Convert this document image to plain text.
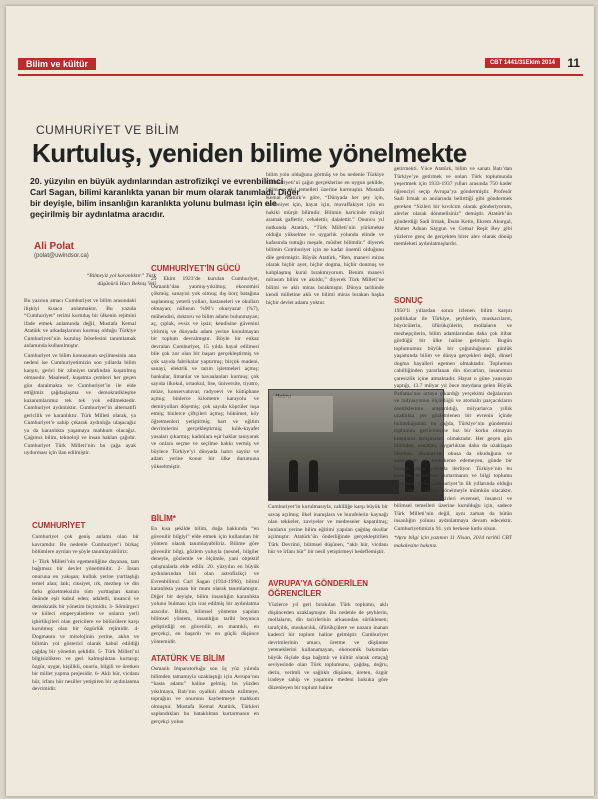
Bilim ve kültür	CBT 1441/31Ekim 2014	11
CUMHURİYET VE BİLİM
Kurtuluş, yeniden bilime yönelmekte
20. yüzyılın en büyük aydınlarından astrofizikçi ve evrenbilimci Carl Sagan, bilimi karanlıkta yanan bir mum olarak tanımladı. Diğer bir deyişle, bilim insanlığın karanlıkta yolunu bulması için ele geçirilmiş bir aydınlatma aracıdır.
Ali Polat
(polat@uwindsor.ca)
“Bilmeyiz yol karanlıktır” Türk düşünürü Hacı Bektaş Veli

Bu yazının amacı Cumhuriyet ve bilim arasındaki ilişkiyi kısaca anlatmaktır. Bu yazıda “Cumhuriyet” terimi kurtuluş bir ülkenin rejimini ifade etmek anlamında değil, Mustafa Kemal Atatürk ve arkadaşlarının kurmuş olduğu Türkiye Cumhuriyeti’nin kuruluş felsefesini tanımlamak anlamında kullanılmıştır.

Cumhuriyet ve bilim konusunun seçilmesinin ana nedeni ise Cumhuriyetimizin son yıllarda bilim karşıtı, gerici bir zihniyet tarafından kuşatılmış olmasıdır. Maalesef, kuşatma çemberi her geçen gün daralmakta ve Cumhuriyet’in ile elde ettiğimiz çağdaşlaşma ve demokratikleşme kazanımlarımız tek tek yok edilmektedir. Cumhuriyet aydınlıktır. Cumhuriyet’in alternatifi gericilik ve karanlıktır. Türk Milleti olarak, ya Cumhuriyet’e sahip çıkarak aydınlığa ulaşacağız ya da karanlıkta yaşamaya mahkum olacağız. Çağımız bilim, teknoloji ve insan hakları çağıdır. Cumhuriyet Türk Milleti’nin bu çağa ayak uydurması için ilan edilmiştir.

CUMHURİYET

Cumhuriyet çok geniş anlamı olan bir kavramdır. Bu nedenle Cumhuriyet’i birkaç bölümlere ayrılan ve şöyle tanımlayabiliriz:

1- Türk Milleti’nin egemenliğine dayanan, tam bağımsız bir devlet yönetimidir. 2- İnsan onuruna en yakışan; kulluk yerine yurttaşlığı temel alan; laik; cinsiyet, ırk, mezhep ve din farkı gözetmeksizin tüm yurttaşları kanun önünde eşit kabul eden; adaletli, insancıl ve demokratik bir yönetim biçimidir. 3- Sömürgeci ve köleci emperyalistlere ve onların yerli işbirlikçileri olan gericilere ve bölücülere karşı kurulmuş olan bir özgürlük rejimidir. 4- Dogmanın ve mitolojinin yerine, aklın ve bilimin yol gösterici olarak kabul edildiği çağdaş bir yönetim şeklidir. 5- Türk Milleti’ni bilgisizlikten ve geri kalmışlıktan kurtarıp; özgür, uygar, kişilikli, onurlu, bilgili ve üretken bir millet yapma projesidir. 6- Aklı hür, vicdanı hür, irfanı hür nesiller yetiştiren bir aydınlanma devrimidir.

CUMHURİYET’İN GÜCÜ

29 Ekim 1923’de kurulan Cumhuriyet, Osmanlı’dan yanmış-yıkılmış; ekonomisi çökmüş; sanayisi yok olmuş; dış borç batağına saplanmış; yeterli yolları, hastaneleri ve okulları olmayan; nüfusun %90’ı okuryazar (%7), mühendisi, doktoru ve bilim adamı bulunmayan; aç, çıplak, evsiz ve işsiz; kendisine güvenini yitirmiş ve dünyada adam yerine konulmayan bir toplum devralmıştır. Böyle bir enkaz devralan Cumhuriyet, 15 yılda hayal edilmesi bile çok zor olan bir başarı gerçekleştirmiş ve çok sayıda fabrikalar yaptırmış; birçok madeni, sanayi, elektrik ve tarım işletmeleri açmış; bankalar, limanlar ve havaalanları kurmuş; çok sayıda ilkokul, ortaokul, lise, üniversite, tiyatro, müze, konservatuvar, radyoevi ve kütüphane açmış; binlerce kilometre karayolu ve demiryolları döşemiş; çok sayıda köprüler inşa etmiş; binlerce çiftçileri açmış; hükümet, köy öğretmenleri yetiştirmiş; hart ve eğitim devrimlerini gerçekleştirmiş; kılık-kıyafet yasaları çıkarmış; kadınlara eşit haklar tanıyarak ve onlara seçme ve seçilme hakkı vermiş ve böylece Türkiye’yi dünyada hatırı sayılır ve adam yerine konur bir ülke durumuna yükseltmiştir.

BİLİM*

En kısa şekilde bilim, doğa hakkında “en güvenilir bilgiyi” elde etmek için kullanılan bir yöntem olarak tanımlayabiliriz. Bilime göre güvenilir bilgi, gözlem yoluyla (nesnel, bilgiler deneyle, gözlemle ve ölçümle, yani objektif çalışmalarla elde edilir. 20. yüzyılın en büyük aydınlarından biri olan astrofizikçi ve Evrenbilimci Carl Sagan (1934-1996), bilimi karanlıkta yanan bir mum olarak tanımlamıştır. Diğer bir deyişle, bilim insanlığın karanlıkta yolunu bulması için icat edilmiş bir aydınlatma aracıdır. Bilim, bilimsel yönteme yapılan bilimsel yöntem, insanlığın tarihi boyunca geliştirdiği en güvenilir, en mantıklı, en gerçekçi, en başarılı ve en güçlü düşünce yöntemidir.

ATATÜRK VE BİLİM

Osmanlı İmparatorluğu son üç yüz yılında bilimden tamamıyla uzaklaştığı için Avrupa’nın “hasta adamı” haline gelmiş, bu yüzden yıkılmaya, Batı’nın oyalkılı altında ezilmeye, toprağını ve onurunu kaybetmeye mahkum olmuştur. Mustafa Kemal Atatürk, Türkleri saplandıkları bu bataklıktan kurtarmanın en gerçekçi yolun

bilim yolu olduğunu görmüş ve bu nedenle Türkiye Cumhuriyeti’ni çağın gerçeklerine en uygun şekilde, bilim ve akıl temelleri üzerine kurmuştur. Mustafa Kemal Atatürk’e göre, “Dünyada her şey için, medeniyet için, hayat için, muvaffakiyet için en hakiki mürşit bilimdir. Bilimin haricinde mürşit aramak gaflettir, cehalettir, dalalettir.” Onuncu yıl nutkunda Atatürk, “Türk Milleti’nin yürümekte olduğu yükselme ve uygarlık yolunda elinde ve kafasında tuttuğu meşale, müsbet bilimdir.” diyerek bilimin Cumhuriyet için ne kadar önemli olduğunu dile getirmiştir. Büyük Atatürk, “Ben, manevi miras olarak hiçbir ayet, hiçbir dogma, hiçbir donmuş ve kalıplaşmış kural bırakmıyorum. Benim manevi mirasım bilim ve akıldır,” diyerek Türk Milleti’ne bilimi ve aklı miras bırakmıştır. Dünya tarihinde kendi milletine aklı ve bilimi miras bırakan başka hiçbir devlet adamı yoktur.

Cumhuriyet’in kurulmasıyla, cahilliğe karşı büyük bir savaş açılmış; ilkel inanışlara ve hurafelerin kaynağı olan tekkeler, zaviyeler ve medreseler kapatılmış; bunların yerine bilim eğitimi yapılan çağdaş okullar açılmıştır. Atatürk’ün önderliğinde gerçekleştirilen Türk Devrimi, bilimsel düşünen, “aklı hür, vicdanı hür ve irfanı hür” bir nesil yetiştirmeyi hedeflemiştir.

AVRUPA’YA GÖNDERİLEN ÖĞRENCİLER

Yüzlerce yıl geri bırakılan Türk toplumu, aklı düşünceden uzaklaşmıştır. Bu nedenle de şeyhlerin, mollaların, din tacirlerinin arkasından sürüklenen; tarafçılık, muskacılık, üfürükçülere ve nazara inanan kaderci bir toplum haline gelmiştir. Cumhuriyet devrimlerinin amacı, üretme ve düşünme yeteneklerini kullanamayan, ekonomik bakımdan büyük ölçüde dışa bağımlı ve kültür olarak ortaçağ seviyesinde olan Türk toplumunu, çağdaş, doğru, derin, verimli ve sağlıklı düşünen, üreten, özgür iradeye sahip ve yaşamını medeni hukuka göre düzenleyen bir toplum haline

getirmekti. Yüce Atatürk, bilim ve sanatı Batı’dan Türkiye’ye getirmek ve onları Türk toplumunda yeşertmek için 1933-1937 yılları arasında 750 kader öğrenciyi seçip Avrupa’ya göndermiştir. Profesör Sadi Irmak ın anılarında belirttiği gibi göndermek gereken “Sizleri bir kıvılcım olarak gönderiyorum, alevler olarak dönmelisiniz” demiştir. Atatürk’ün gönderdiği Sadi Irmak, İhsan Ketin, Ekrem Akurgal, Ahmet Adnan Saygun ve Cemal Reşit Rey gibi yüzlerce genç de gerçekten birer alev olarak dönüp memleketi aydınlatmışlardır.

SONUÇ

1950’li yıllardan sonra izlenen bilim karşıtı politikalar ile Türkiye, şeyhlerin, muskacıların, büyücülerin, üfürükçülerin, mollaların ve mezhepçilerin, bilim adamlarından daha çok itibar gördüğü bir ülke haline gelmiştir. Bugün toplumumuz büyük bir çoğunluğunun günlük yaşamında bilim ve dünya gerçekleri değil, dinsel dogma hayalleri egemen olmaktadır. Toplumun cahilliğinden yararlanan din tüccarları, insanımızı çaresizlik içine atmaktadır. Hayat o güne yansıyan yaptığı, 13.7 milyar yıl önce meydana gelen Büyük Patlama’nın ortaya çıkardığı yerçekimi doğalarının ve radyasyonun ölçüldüğü ve atomaltı parçacıkların özelliklerinin araştırıldığı, milyarlarca yıllık uzaklıkta yer gözlemlenen bir evrenin içinde bulunduğumuz bu çağda, Türkiye’nin gündemini toplumun gerilemesine hız bir korku olmayan konuların tartışmaları olmaktadır. Her geçen gün bilimden, sanattan, uygarlıktan daha da uzaklaşan ülkemiz, okumayan, okusa da okuduğunu ve anlamayan ve muhakeme edemeyen, günde bir toplum olma yolunda ilerliyor. Türkiye’nin bu karanlık durumdan kurtarmanın ve bilgi toplumu yapmanın yolu, Cumhuriyet’in ilk yıllarında olduğu gibi yeniden bilime yönelmeyle mümkün olacaktır. Yüce Atatürk’ün fikirleri evrensel, insancıl ve bilimsel temelleri üzerine kurulduğu için, sadece Türk Milleti’nin değil, aynı zaman da bütün insanlığın yolunu aydınlatmaya devam edecektir. Cumhuriyetimizin 91. yılı herkese kutlu olsun.

*Aynı bilgi için yazımın 11 Nisan, 2014 tarihli CBT makalesine bakınız.
